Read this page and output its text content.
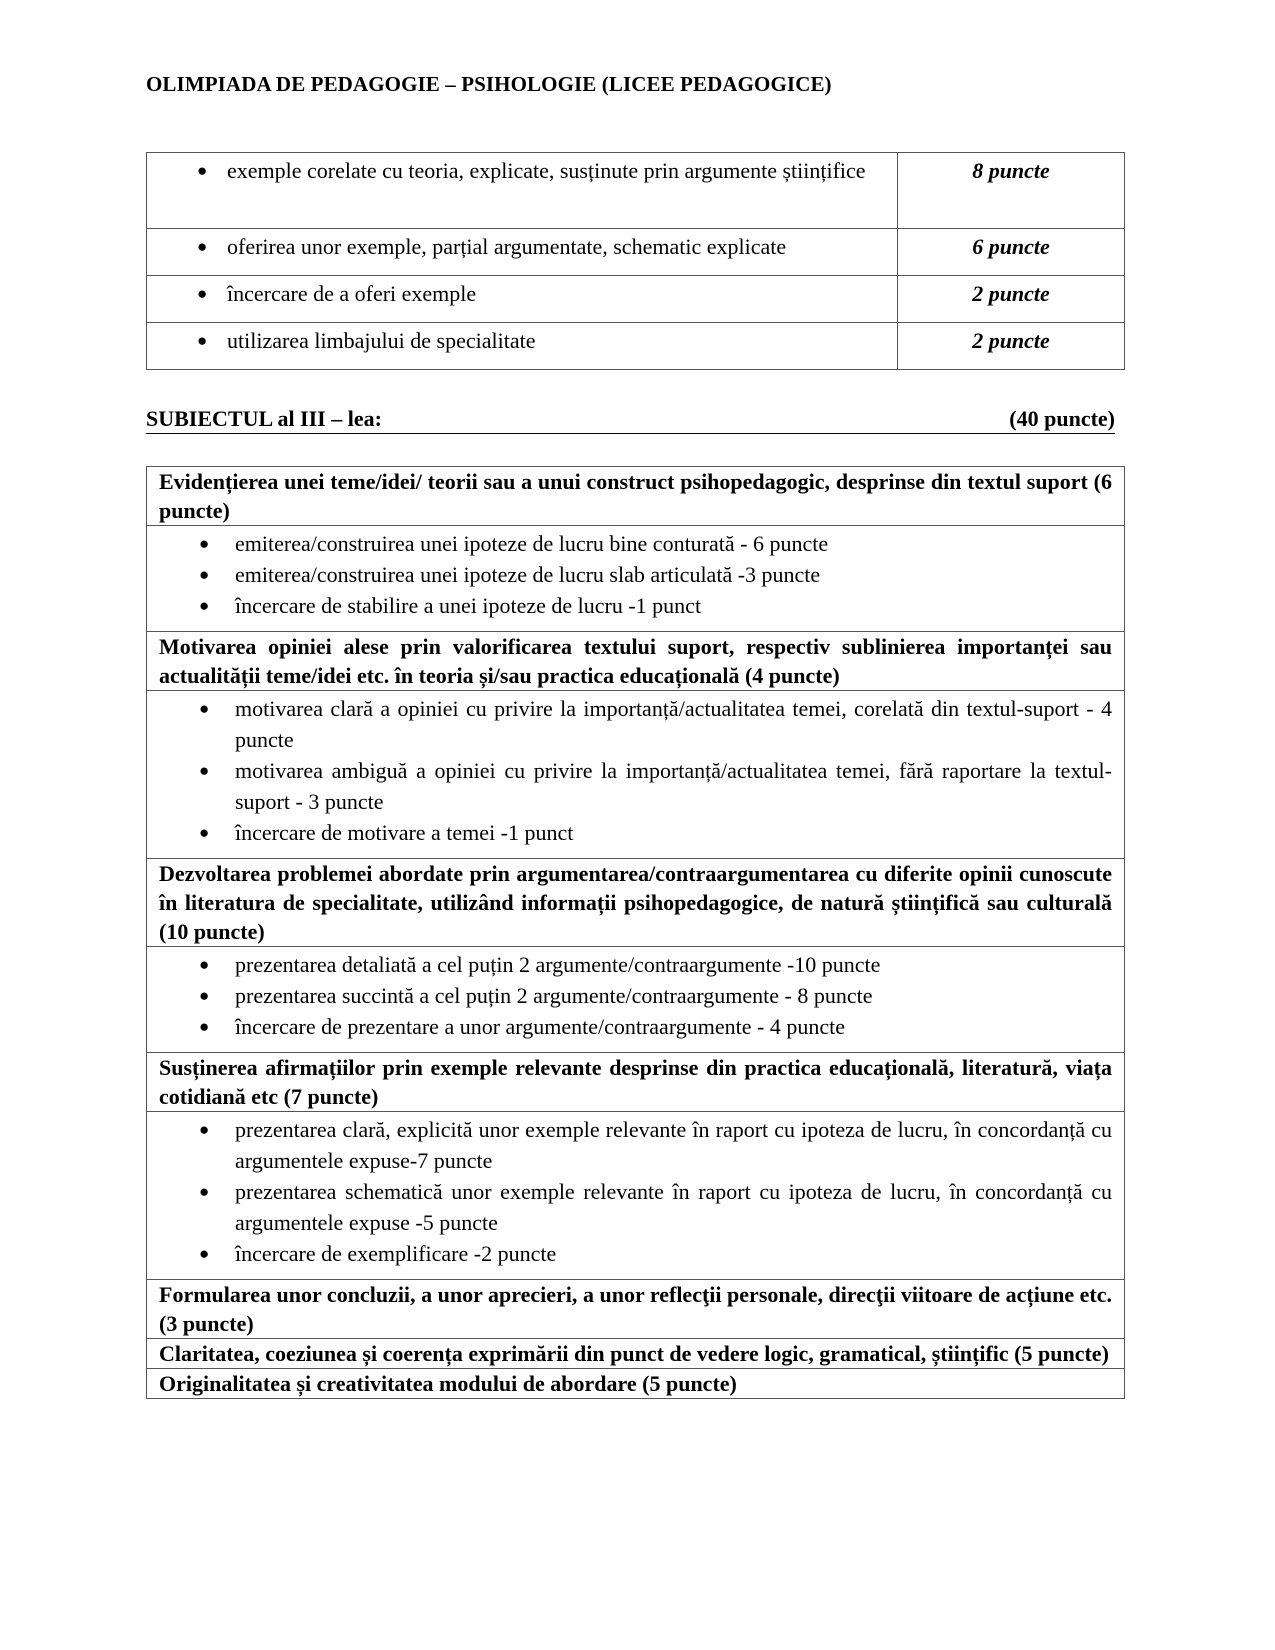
OLIMPIADA DE PEDAGOGIE – PSIHOLOGIE (LICEE PEDAGOGICE)
● exemple corelate cu teoria, explicate, susținute prin argumente științifice	8 puncte

● oferirea unor exemple, parțial argumentate, schematic explicate	6 puncte

● încercare de a oferi exemple	2 puncte

● utilizarea limbajului de specialitate	2 puncte
SUBIECTUL al III – lea:	(40 puncte)
Evidențierea unei teme/idei/ teorii sau a unui construct psihopedagogic, desprinse din textul suport (6 puncte)

● emiterea/construirea unei ipoteze de lucru bine conturată - 6 puncte
● emiterea/construirea unei ipoteze de lucru slab articulată -3 puncte
● încercare de stabilire a unei ipoteze de lucru -1 punct

Motivarea opiniei alese prin valorificarea textului suport, respectiv sublinierea importanței sau actualității teme/idei etc. în teoria și/sau practica educațională (4 puncte)

● motivarea clară a opiniei cu privire la importanță/actualitatea temei, corelată din textul-suport - 4 puncte
● motivarea ambiguă a opiniei cu privire la importanță/actualitatea temei, fără raportare la textul-suport - 3 puncte
● încercare de motivare a temei -1 punct

Dezvoltarea problemei abordate prin argumentarea/contraargumentarea cu diferite opinii cunoscute în literatura de specialitate, utilizând informații psihopedagogice, de natură științifică sau culturală (10 puncte)

● prezentarea detaliată a cel puțin 2 argumente/contraargumente -10 puncte
● prezentarea succintă a cel puțin 2 argumente/contraargumente - 8 puncte
● încercare de prezentare a unor argumente/contraargumente - 4 puncte

Susținerea afirmațiilor prin exemple relevante desprinse din practica educațională, literatură, viața cotidiană etc (7 puncte)

● prezentarea clară, explicită unor exemple relevante în raport cu ipoteza de lucru, în concordanță cu argumentele expuse-7 puncte
● prezentarea schematică unor exemple relevante în raport cu ipoteza de lucru, în concordanță cu argumentele expuse -5 puncte
● încercare de exemplificare -2 puncte

Formularea unor concluzii, a unor aprecieri, a unor reflecţii personale, direcţii viitoare de acțiune etc. (3 puncte)
Claritatea, coeziunea și coerența exprimării din punct de vedere logic, gramatical, științific (5 puncte)
Originalitatea și creativitatea modului de abordare (5 puncte)
